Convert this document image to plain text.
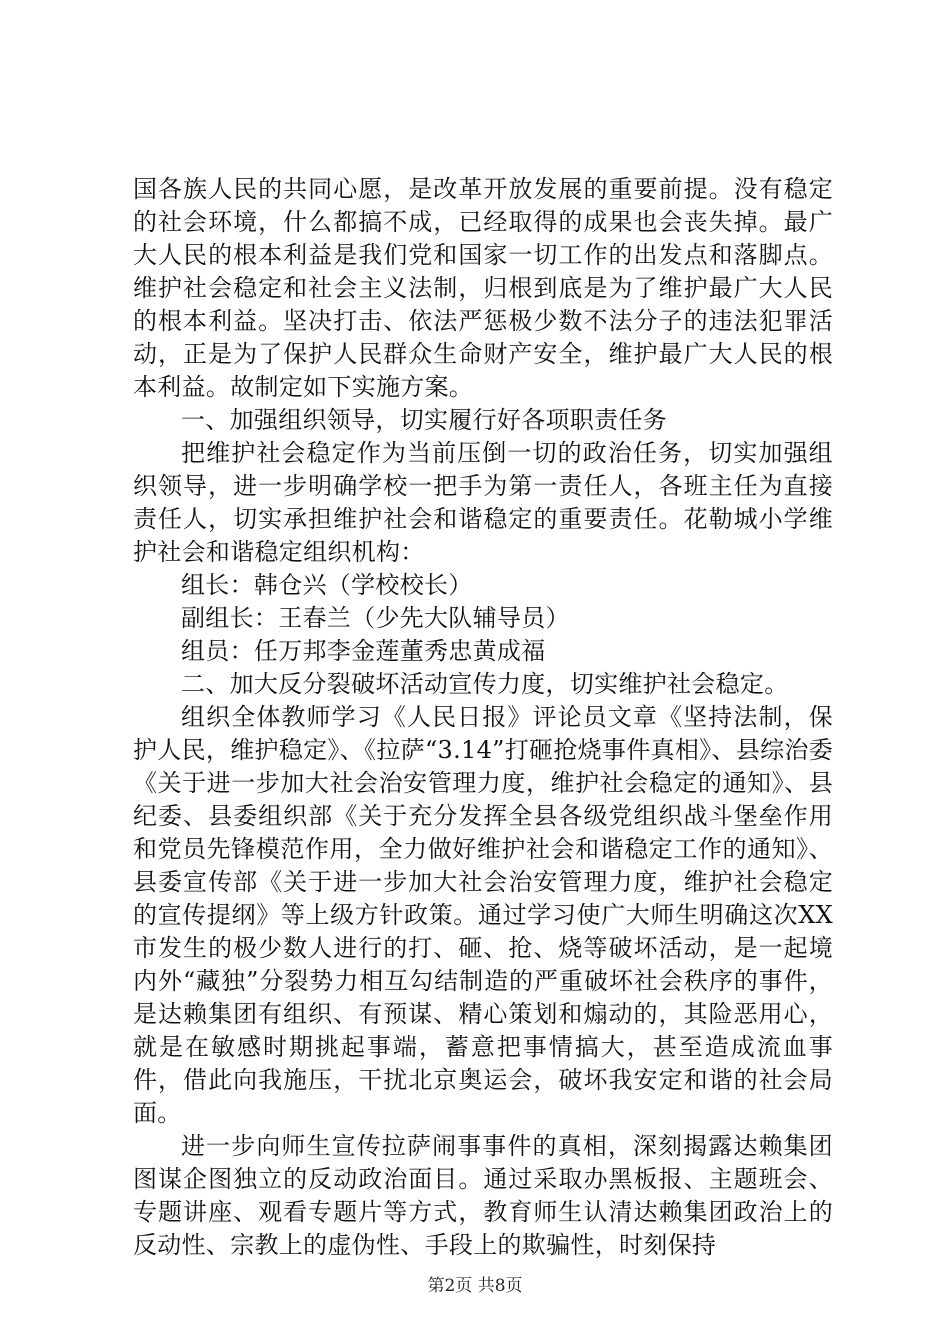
国各族人民的共同心愿，是改革开放发展的重要前提。没有稳定的社会环境，什么都搞不成，已经取得的成果也会丧失掉。最广大人民的根本利益是我们党和国家一切工作的出发点和落脚点。维护社会稳定和社会主义法制，归根到底是为了维护最广大人民的根本利益。坚决打击、依法严惩极少数不法分子的违法犯罪活动，正是为了保护人民群众生命财产安全，维护最广大人民的根本利益。故制定如下实施方案。

一、加强组织领导，切实履行好各项职责任务

把维护社会稳定作为当前压倒一切的政治任务，切实加强组织领导，进一步明确学校一把手为第一责任人，各班主任为直接责任人，切实承担维护社会和谐稳定的重要责任。花勒城小学维护社会和谐稳定组织机构：

组长：韩仓兴（学校校长）

副组长：王春兰（少先大队辅导员）

组员：任万邦李金莲董秀忠黄成福

二、加大反分裂破坏活动宣传力度，切实维护社会稳定。

组织全体教师学习《人民日报》评论员文章《坚持法制，保护人民，维护稳定》、《拉萨“3.14”打砸抢烧事件真相》、县综治委《关于进一步加大社会治安管理力度，维护社会稳定的通知》、县纪委、县委组织部《关于充分发挥全县各级党组织战斗堡垒作用和党员先锋模范作用，全力做好维护社会和谐稳定工作的通知》、县委宣传部《关于进一步加大社会治安管理力度，维护社会稳定的宣传提纲》等上级方针政策。通过学习使广大师生明确这次XX市发生的极少数人进行的打、砸、抢、烧等破坏活动，是一起境内外“藏独”分裂势力相互勾结制造的严重破坏社会秩序的事件，是达赖集团有组织、有预谋、精心策划和煽动的，其险恶用心，就是在敏感时期挑起事端，蓄意把事情搞大，甚至造成流血事件，借此向我施压，干扰北京奥运会，破坏我安定和谐的社会局面。

进一步向师生宣传拉萨闹事事件的真相，深刻揭露达赖集团图谋企图独立的反动政治面目。通过采取办黑板报、主题班会、专题讲座、观看专题片等方式，教育师生认清达赖集团政治上的反动性、宗教上的虚伪性、手段上的欺骗性，时刻保持

第2页 共8页
